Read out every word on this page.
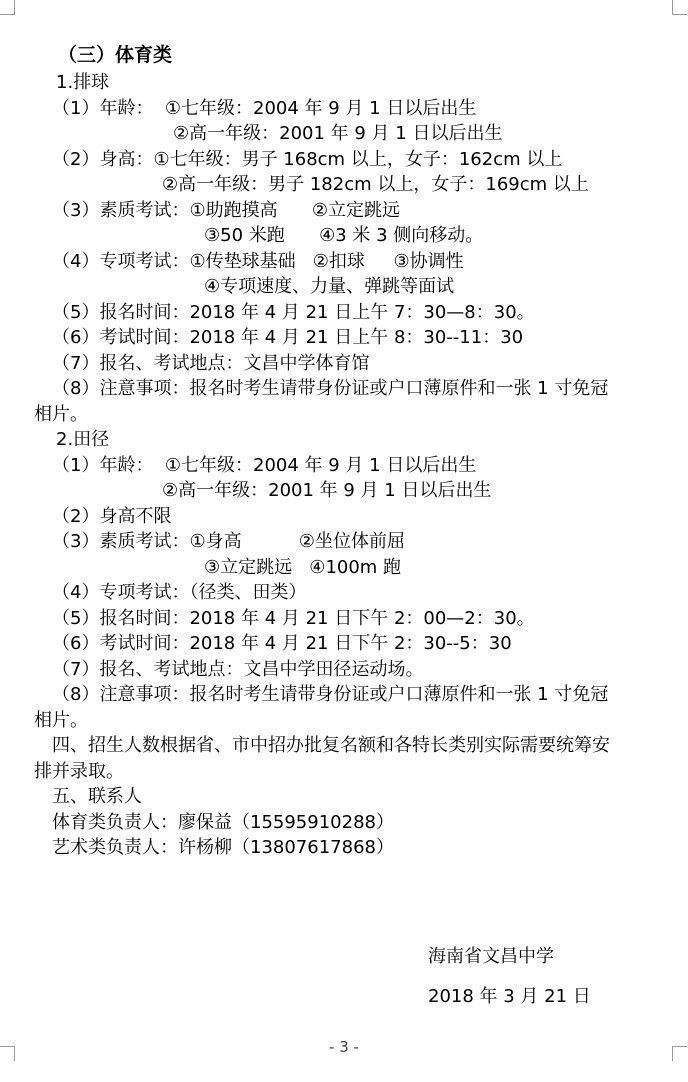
（三）体育类
1.排球
（1）年龄：  ①七年级：2004 年 9 月 1 日以后出生
②高一年级：2001 年 9 月 1 日以后出生
（2）身高：①七年级：男子 168cm 以上，女子：162cm 以上
②高一年级：男子 182cm 以上，女子：169cm 以上
（3）素质考试：①助跑摸高      ②立定跳远
③50 米跑      ④3 米 3 侧向移动。
（4）专项考试：①传垫球基础   ②扣球     ③协调性
④专项速度、力量、弹跳等面试
（5）报名时间：2018 年 4 月 21 日上午 7：30—8：30。
（6）考试时间：2018 年 4 月 21 日上午 8：30--11：30
（7）报名、考试地点：文昌中学体育馆
（8）注意事项：报名时考生请带身份证或户口薄原件和一张 1 寸免冠
相片。
2.田径
（1）年龄：  ①七年级：2004 年 9 月 1 日以后出生
②高一年级：2001 年 9 月 1 日以后出生
（2）身高不限
（3）素质考试：①身高          ②坐位体前屈
③立定跳远   ④100m 跑
（4）专项考试：（径类、田类）
（5）报名时间：2018 年 4 月 21 日下午 2：00—2：30。
（6）考试时间：2018 年 4 月 21 日下午 2：30--5：30
（7）报名、考试地点：文昌中学田径运动场。
（8）注意事项：报名时考生请带身份证或户口薄原件和一张 1 寸免冠
相片。
四、招生人数根据省、市中招办批复名额和各特长类别实际需要统筹安
排并录取。
五、联系人
体育类负责人：廖保益（15595910288）
艺术类负责人：许杨柳（13807617868）
海南省文昌中学
2018 年 3 月 21 日
- 3 -
